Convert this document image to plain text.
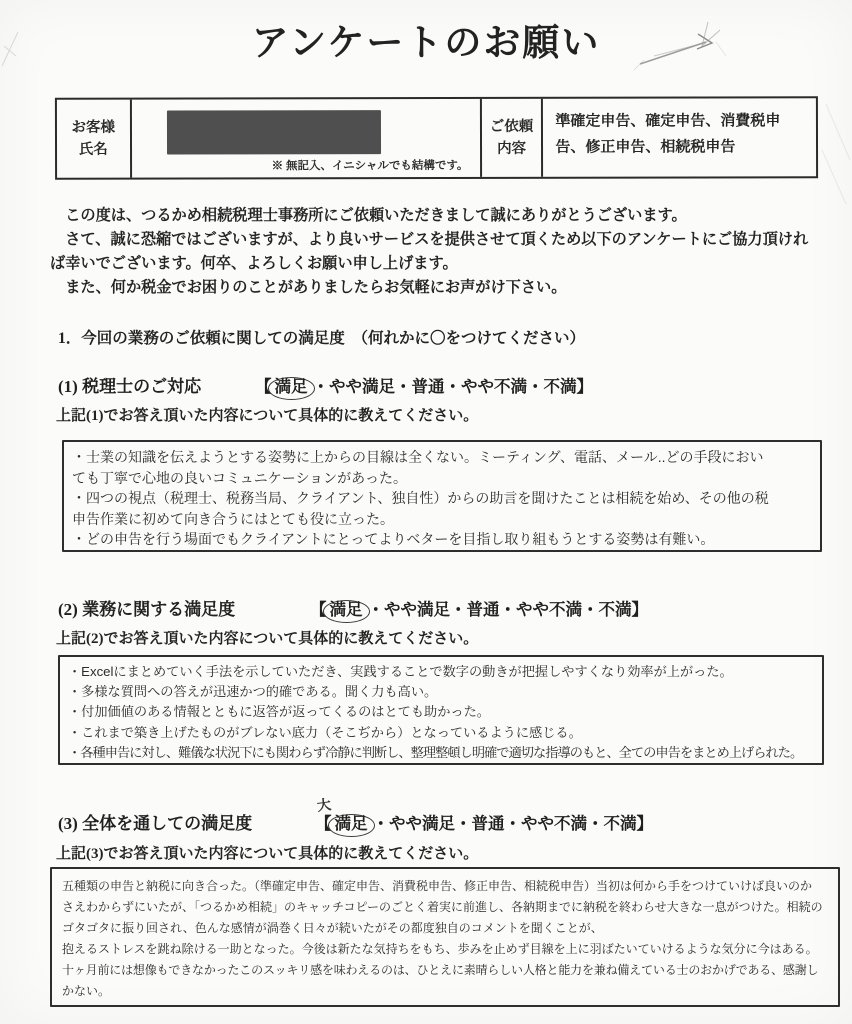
アンケートのお願い
お客様
氏名
※ 無記入、イニシャルでも結構です。
ご依頼
内容
準確定申告、確定申告、消費税申告、修正申告、相続税申告
　この度は、つるかめ相続税理士事務所にご依頼いただきまして誠にありがとうございます。
　さて、誠に恐縮ではございますが、より良いサービスを提供させて頂くため以下のアンケートにご協力頂けれ
ば幸いでございます。何卒、よろしくお願い申し上げます。
　また、何か税金でお困りのことがありましたらお気軽にお声がけ下さい。
1．今回の業務のご依頼に関しての満足度　（何れかに〇をつけてください）
(1) 税理士のご対応	【 満足 ・やや満足・普通・やや不満・不満】
上記(1)でお答え頂いた内容について具体的に教えてください。
・士業の知識を伝えようとする姿勢に上からの目線は全くない。ミーティング、電話、メール..どの手段におい
ても丁寧で心地の良いコミュニケーションがあった。
・四つの視点（税理士、税務当局、クライアント、独自性）からの助言を聞けたことは相続を始め、その他の税
申告作業に初めて向き合うにはとても役に立った。
・どの申告を行う場面でもクライアントにとってよりベターを目指し取り組もうとする姿勢は有難い。
(2) 業務に関する満足度	【 満足 ・やや満足・普通・やや不満・不満】
上記(2)でお答え頂いた内容について具体的に教えてください。
・Excelにまとめていく手法を示していただき、実践することで数字の動きが把握しやすくなり効率が上がった。
・多様な質問への答えが迅速かつ的確である。聞く力も高い。
・付加価値のある情報とともに返答が返ってくるのはとても助かった。
・これまで築き上げたものがブレない底力（そこぢから）となっているように感じる。
・各種申告に対し、難儀な状況下にも関わらず冷静に判断し、整理整頓し明確で適切な指導のもと、全ての申告をまとめ上げられた。
(3) 全体を通しての満足度
大
【 満足 ・やや満足・普通・やや不満・不満】
上記(3)でお答え頂いた内容について具体的に教えてください。
五種類の申告と納税に向き合った。（準確定申告、確定申告、消費税申告、修正申告、相続税申告）当初は何から手をつけていけば良いのか
さえわからずにいたが、「つるかめ相続」のキャッチコピーのごとく着実に前進し、各納期までに納税を終わらせ大きな一息がつけた。相続の
ゴタゴタに振り回され、色んな感情が渦巻く日々が続いたがその都度独自のコメントを聞くことが、
抱えるストレスを跳ね除ける一助となった。今後は新たな気持ちをもち、歩みを止めず目線を上に羽ばたいていけるような気分に今はある。
十ヶ月前には想像もできなかったこのスッキリ感を味わえるのは、ひとえに素晴らしい人格と能力を兼ね備えている士のおかげである、感謝し
かない。
